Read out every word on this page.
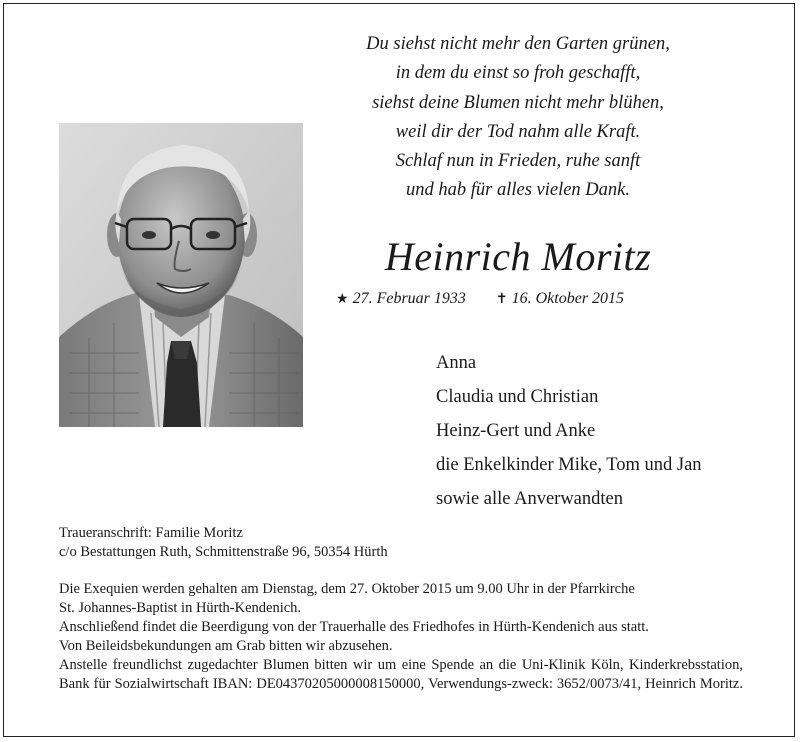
Du siehst nicht mehr den Garten grünen,
in dem du einst so froh geschafft,
siehst deine Blumen nicht mehr blühen,
weil dir der Tod nahm alle Kraft.
Schlaf nun in Frieden, ruhe sanft
und hab für alles vielen Dank.
Heinrich Moritz
★ 27. Februar 1933 ✝ 16. Oktober 2015
Anna
Claudia und Christian
Heinz-Gert und Anke
die Enkelkinder Mike, Tom und Jan
sowie alle Anverwandten
Traueranschrift: Familie Moritz
c/o Bestattungen Ruth, Schmittenstraße 96, 50354 Hürth
Die Exequien werden gehalten am Dienstag, dem 27. Oktober 2015 um 9.00 Uhr in der Pfarrkirche
St. Johannes-Baptist in Hürth-Kendenich.
Anschließend findet die Beerdigung von der Trauerhalle des Friedhofes in Hürth-Kendenich aus statt.
Von Beileidsbekundungen am Grab bitten wir abzusehen.
Anstelle freundlichst zugedachter Blumen bitten wir um eine Spende an die Uni-Klinik Köln, Kinderkrebsstation, Bank für Sozialwirtschaft IBAN: DE04370205000008150000, Verwendungs-zweck: 3652/0073/41, Heinrich Moritz.
